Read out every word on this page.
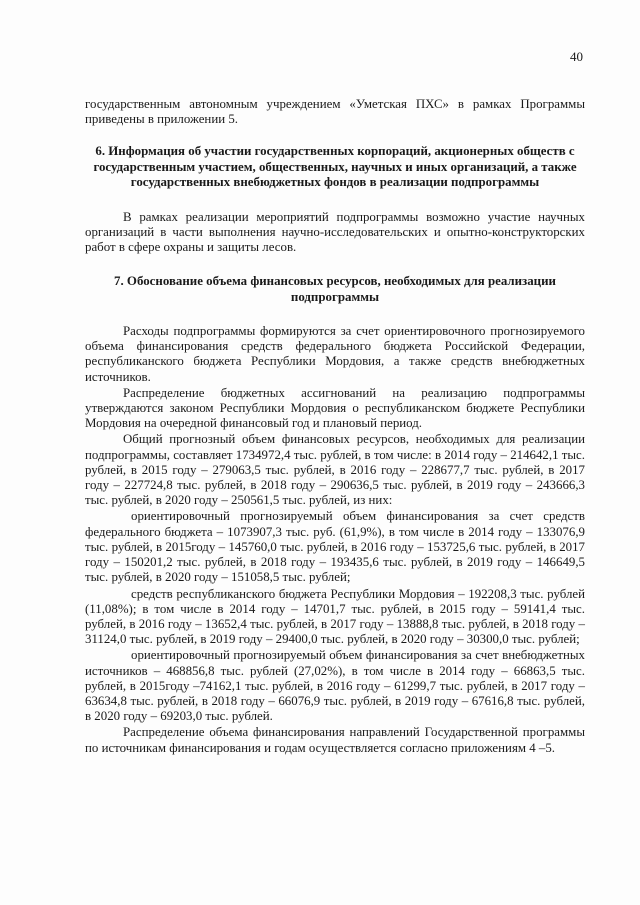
40

государственным автономным учреждением «Уметская ПХС» в рамках Программы приведены в приложении 5.

6. Информация об участии государственных корпораций, акционерных обществ с государственным участием, общественных, научных и иных организаций, а также государственных внебюджетных фондов в реализации подпрограммы

В рамках реализации мероприятий подпрограммы возможно участие научных организаций в части выполнения научно-исследовательских и опытно-конструкторских работ в сфере охраны и защиты лесов.

7. Обоснование объема финансовых ресурсов, необходимых для реализации подпрограммы

Расходы подпрограммы формируются за счет ориентировочного прогнозируемого объема финансирования средств федерального бюджета Российской Федерации, республиканского бюджета Республики Мордовия, а также средств внебюджетных источников.

Распределение бюджетных ассигнований на реализацию подпрограммы утверждаются законом Республики Мордовия о республиканском бюджете Республики Мордовия на очередной финансовый год и плановый период.

Общий прогнозный объем финансовых ресурсов, необходимых для реализации подпрограммы, составляет 1734972,4 тыс. рублей, в том числе: в 2014 году – 214642,1 тыс. рублей, в 2015 году – 279063,5 тыс. рублей, в 2016 году – 228677,7 тыс. рублей, в 2017 году – 227724,8 тыс. рублей, в 2018 году – 290636,5 тыс. рублей, в 2019 году – 243666,3 тыс. рублей, в 2020 году – 250561,5 тыс. рублей, из них:

ориентировочный прогнозируемый объем финансирования за счет средств федерального бюджета – 1073907,3 тыс. руб. (61,9%), в том числе в 2014 году – 133076,9 тыс. рублей, в 2015году – 145760,0 тыс. рублей, в 2016 году – 153725,6 тыс. рублей, в 2017 году – 150201,2 тыс. рублей, в 2018 году – 193435,6 тыс. рублей, в 2019 году – 146649,5 тыс. рублей, в 2020 году – 151058,5 тыс. рублей;

средств республиканского бюджета Республики Мордовия – 192208,3 тыс. рублей (11,08%); в том числе в 2014 году – 14701,7 тыс. рублей, в 2015 году – 59141,4 тыс. рублей, в 2016 году – 13652,4 тыс. рублей, в 2017 году – 13888,8 тыс. рублей, в 2018 году – 31124,0 тыс. рублей, в 2019 году – 29400,0 тыс. рублей, в 2020 году – 30300,0 тыс. рублей;

ориентировочный прогнозируемый объем финансирования за счет внебюджетных источников – 468856,8 тыс. рублей (27,02%), в том числе в 2014 году – 66863,5 тыс. рублей, в 2015году –74162,1 тыс. рублей, в 2016 году – 61299,7 тыс. рублей, в 2017 году – 63634,8 тыс. рублей, в 2018 году – 66076,9 тыс. рублей, в 2019 году – 67616,8 тыс. рублей, в 2020 году – 69203,0 тыс. рублей.

Распределение объема финансирования направлений Государственной программы по источникам финансирования и годам осуществляется согласно приложениям 4 –5.
